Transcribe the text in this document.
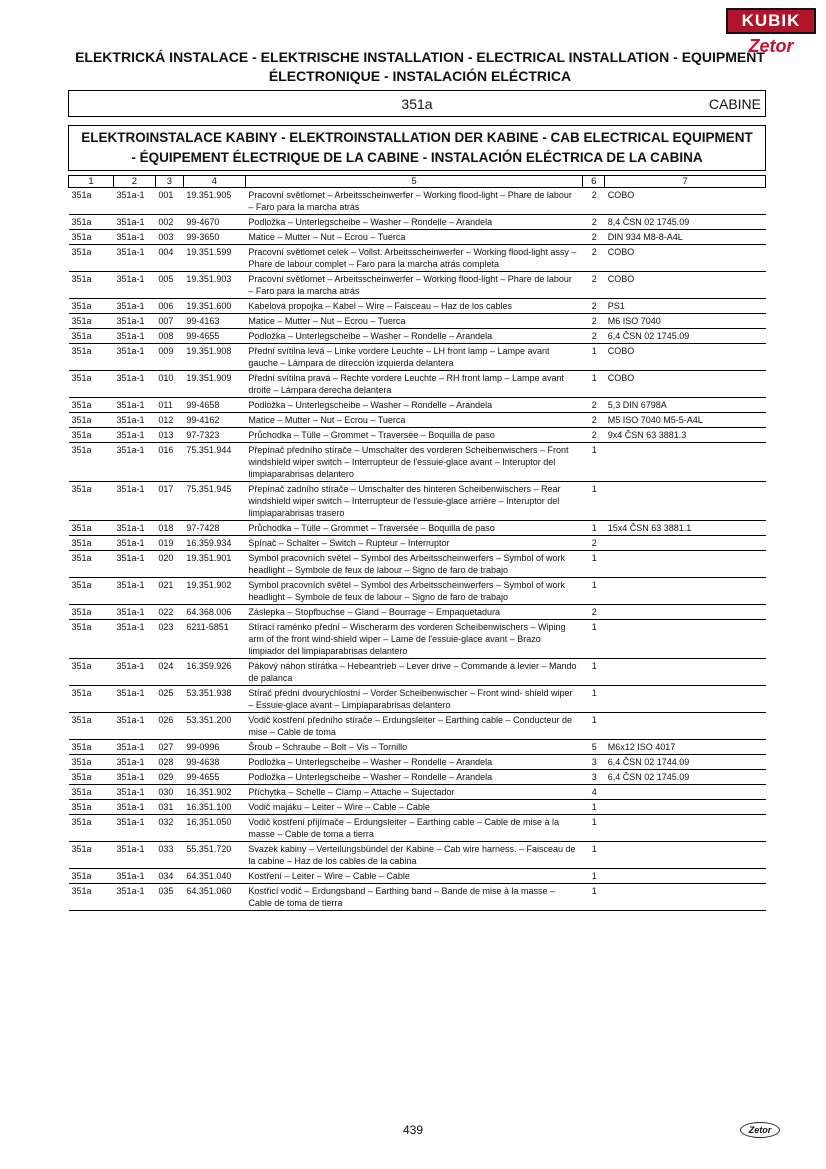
KUBIK
Zetor
ELEKTRICKÁ INSTALACE - ELEKTRISCHE INSTALLATION - ELECTRICAL INSTALLATION - EQUIPMENT
ÉLECTRONIQUE - INSTALACIÓN ELÉCTRICA
351a	CABINE
ELEKTROINSTALACE KABINY - ELEKTROINSTALLATION DER KABINE - CAB ELECTRICAL EQUIPMENT
- ÉQUIPEMENT ÉLECTRIQUE DE LA CABINE - INSTALACIÓN ELÉCTRICA DE LA CABINA
1	2	3	4	5	6	7
351a	351a-1	001	19.351.905	Pracovní světlomet – Arbeitsscheinwerfer – Working flood-light – Phare de labour – Faro para la marcha atrás	2	COBO
351a	351a-1	002	99-4670	Podložka – Unterlegscheibe – Washer – Rondelle – Arandela	2	8,4 ČSN 02 1745.09
351a	351a-1	003	99-3650	Matice – Mutter – Nut – Ecrou – Tuerca	2	DIN 934 M8-8-A4L
351a	351a-1	004	19.351.599	Pracovní světlomet celek – Vollst. Arbeitsscheinwerfer – Working flood-light assy – Phare de labour complet – Faro para la marcha atrás completa	2	COBO
351a	351a-1	005	19.351.903	Pracovní světlomet – Arbeitsscheinwerfer – Working flood-light – Phare de labour – Faro para la marcha atrás	2	COBO
351a	351a-1	006	19.351.600	Kabelová propojka – Kabel – Wire – Faisceau – Haz de los cables	2	PS1
351a	351a-1	007	99-4163	Matice – Mutter – Nut – Ecrou – Tuerca	2	M6 ISO 7040
351a	351a-1	008	99-4655	Podložka – Unterlegscheibe – Washer – Rondelle – Arandela	2	6,4 ČSN 02 1745.09
351a	351a-1	009	19.351.908	Přední svítilna levá – Linke vordere Leuchte – LH front lamp – Lampe avant gauche – Lámpara de dirección izquierda delantera	1	COBO
351a	351a-1	010	19.351.909	Přední svítilna pravá – Rechte vordere Leuchte – RH front lamp – Lampe avant droite – Lámpara derecha delantera	1	COBO
351a	351a-1	011	99-4658	Podložka – Unterlegscheibe – Washer – Rondelle – Arandela	2	5,3 DIN 6798A
351a	351a-1	012	99-4162	Matice – Mutter – Nut – Ecrou – Tuerca	2	M5 ISO 7040 M5-5-A4L
351a	351a-1	013	97-7323	Průchodka – Tülle – Grommet – Traversée – Boquilla de paso	2	9x4 ČSN 63 3881.3
351a	351a-1	016	75.351.944	Přepínač předního stírače – Umschalter des vorderen Scheibenwischers – Front windshield wiper switch – Interrupteur de l'essuie-glace avant – Interuptor del limpiaparabrisas delantero	1	
351a	351a-1	017	75.351.945	Přepínač zadního stírače – Umschalter des hinteren Scheibenwischers – Rear windshield wiper switch – Interrupteur de l'essuie-glace arrière – Interuptor del limpiaparabrisas trasero	1	
351a	351a-1	018	97-7428	Průchodka – Tülle – Grommet – Traversée – Boquilla de paso	1	15x4 ČSN 63 3881.1
351a	351a-1	019	16.359.934	Spínač – Schalter – Switch – Rupteur – Interruptor	2	
351a	351a-1	020	19.351.901	Symbol pracovních světel – Symbol des Arbeitsscheinwerfers – Symbol of work headlight – Symbole de feux de labour – Signo de faro de trabajo	1	
351a	351a-1	021	19.351.902	Symbol pracovních světel – Symbol des Arbeitsscheinwerfers – Symbol of work headlight – Symbole de feux de labour – Signo de faro de trabajo	1	
351a	351a-1	022	64.368.006	Záslepka – Stopfbuchse – Gland – Bourrage – Empaquetadura	2	
351a	351a-1	023	6211-5851	Stírací raménko přední – Wischerarm des vorderen Scheibenwischers – Wiping arm of the front wind-shield wiper – Lame de l'essuie-glace avant – Brazo limpiador del limpiaparabrisas delantero	1	
351a	351a-1	024	16.359.926	Pákový náhon stírátka – Hebeantrieb – Lever drive – Commande à levier – Mando de palanca	1	
351a	351a-1	025	53.351.938	Stírač přední dvourychlostní – Vorder Scheibenwischer – Front wind- shield wiper – Essuie-glace avant – Limpiaparabrisas delantero	1	
351a	351a-1	026	53.351.200	Vodič kostření předního stírače – Erdungsleiter – Earthing cable – Conducteur de mise – Cable de toma	1	
351a	351a-1	027	99-0996	Šroub – Schraube – Bolt – Vis – Tornillo	5	M6x12 ISO 4017
351a	351a-1	028	99-4638	Podložka – Unterlegscheibe – Washer – Rondelle – Arandela	3	6,4 ČSN 02 1744.09
351a	351a-1	029	99-4655	Podložka – Unterlegscheibe – Washer – Rondelle – Arandela	3	6,4 ČSN 02 1745.09
351a	351a-1	030	16.351.902	Příchytka – Schelle – Clamp – Attache – Sujectador	4	
351a	351a-1	031	16.351.100	Vodič majáku – Leiter – Wire – Cable – Cable	1	
351a	351a-1	032	16.351.050	Vodič kostření přijímače – Erdungsleiter – Earthing cable – Cable de mise à la masse – Cable de toma a tierra	1	
351a	351a-1	033	55.351.720	Svazek kabiny – Verteilungsbündel der Kabine – Cab wire harness. – Faisceau de la cabine – Haz de los cables de la cabina	1	
351a	351a-1	034	64.351.040	Kostření – Leiter – Wire – Cable – Cable	1	
351a	351a-1	035	64.351.060	Kostřicí vodič – Erdungsband – Earthing band – Bande de mise à la masse – Cable de toma de tierra	1	
439	Zetor
